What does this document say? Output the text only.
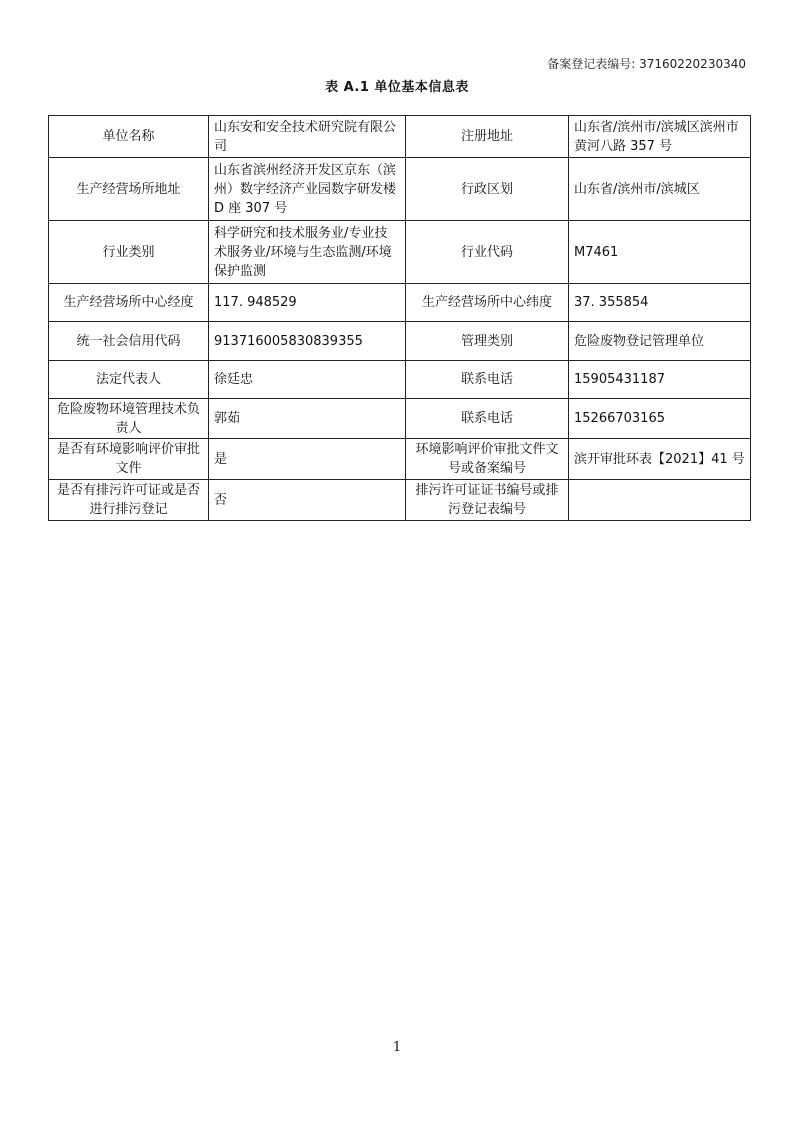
备案登记表编号: 37160220230340
表 A.1 单位基本信息表
单位名称	山东安和安全技术研究院有限公司	注册地址	山东省/滨州市/滨城区滨州市黄河八路 357 号
生产经营场所地址	山东省滨州经济开发区京东（滨州）数字经济产业园数字研发楼 D 座 307 号	行政区划	山东省/滨州市/滨城区
行业类别	科学研究和技术服务业/专业技术服务业/环境与生态监测/环境保护监测	行业代码	M7461
生产经营场所中心经度	117. 948529	生产经营场所中心纬度	37. 355854
统一社会信用代码	913716005830839355	管理类别	危险废物登记管理单位
法定代表人	徐廷忠	联系电话	15905431187
危险废物环境管理技术负责人	郭茹	联系电话	15266703165
是否有环境影响评价审批文件	是	环境影响评价审批文件文号或备案编号	滨开审批环表【2021】41 号
是否有排污许可证或是否进行排污登记	否	排污许可证证书编号或排污登记表编号	
1
